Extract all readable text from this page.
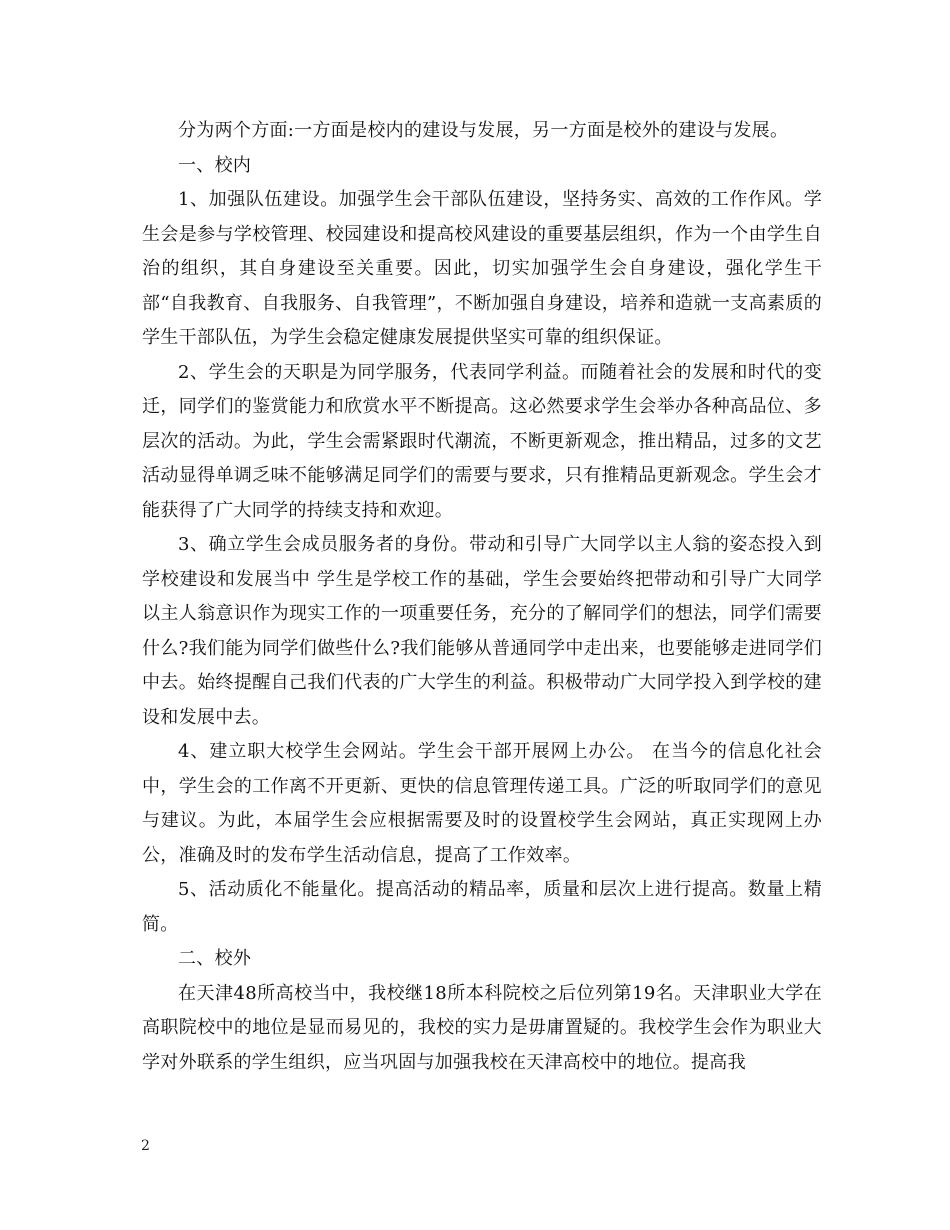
分为两个方面:一方面是校内的建设与发展，另一方面是校外的建设与发展。

一、校内

1、加强队伍建设。加强学生会干部队伍建设，坚持务实、高效的工作作风。学生会是参与学校管理、校园建设和提高校风建设的重要基层组织，作为一个由学生自治的组织，其自身建设至关重要。因此，切实加强学生会自身建设，强化学生干部“自我教育、自我服务、自我管理”，不断加强自身建设，培养和造就一支高素质的学生干部队伍，为学生会稳定健康发展提供坚实可靠的组织保证。

2、学生会的天职是为同学服务，代表同学利益。而随着社会的发展和时代的变迁，同学们的鉴赏能力和欣赏水平不断提高。这必然要求学生会举办各种高品位、多层次的活动。为此，学生会需紧跟时代潮流，不断更新观念，推出精品，过多的文艺活动显得单调乏味不能够满足同学们的需要与要求，只有推精品更新观念。学生会才能获得了广大同学的持续支持和欢迎。

3、确立学生会成员服务者的身份。带动和引导广大同学以主人翁的姿态投入到学校建设和发展当中 学生是学校工作的基础，学生会要始终把带动和引导广大同学以主人翁意识作为现实工作的一项重要任务，充分的了解同学们的想法，同学们需要什么?我们能为同学们做些什么?我们能够从普通同学中走出来，也要能够走进同学们中去。始终提醒自己我们代表的广大学生的利益。积极带动广大同学投入到学校的建设和发展中去。

4、建立职大校学生会网站。学生会干部开展网上办公。 在当今的信息化社会中，学生会的工作离不开更新、更快的信息管理传递工具。广泛的听取同学们的意见与建议。为此，本届学生会应根据需要及时的设置校学生会网站，真正实现网上办公，准确及时的发布学生活动信息，提高了工作效率。

5、活动质化不能量化。提高活动的精品率，质量和层次上进行提高。数量上精简。

二、校外

在天津48所高校当中，我校继18所本科院校之后位列第19名。天津职业大学在高职院校中的地位是显而易见的，我校的实力是毋庸置疑的。我校学生会作为职业大学对外联系的学生组织，应当巩固与加强我校在天津高校中的地位。提高我

2
